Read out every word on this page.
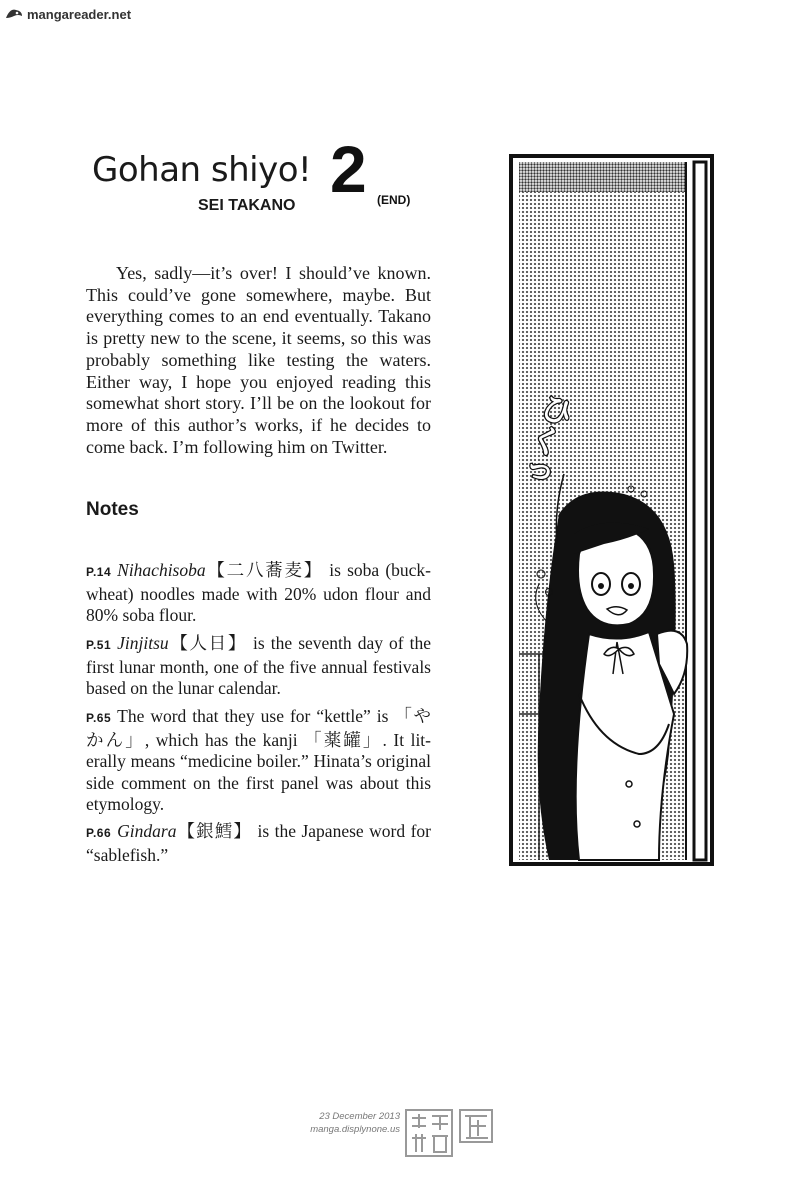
mangareader.net
Gohan shiyo!
SEI TAKANO 2 (END)

Yes, sadly—it’s over! I should’ve known. This could’ve gone somewhere, maybe. But everything comes to an end eventually. Takano is pretty new to the scene, it seems, so this was probably something like testing the waters. Either way, I hope you enjoyed reading this somewhat short story. I’ll be on the lookout for more of this author’s works, if he decides to come back. I’m following him on Twitter.

Notes

P.14 Nihachisoba【二八蕎麦】 is soba (buckwheat) noodles made with 20% udon flour and 80% soba flour.

P.51 Jinjitsu【人日】 is the seventh day of the first lunar month, one of the five annual festivals based on the lunar calendar.

P.65 The word that they use for “kettle” is 「やかん」, which has the kanji 「薬罐」. It literally means “medicine boiler.” Hinata’s original side comment on the first panel was about this etymology.

P.66 Gindara【銀鱈】 is the Japanese word for “sablefish.”

ひくっ
23 December 2013
manga.displynone.us
